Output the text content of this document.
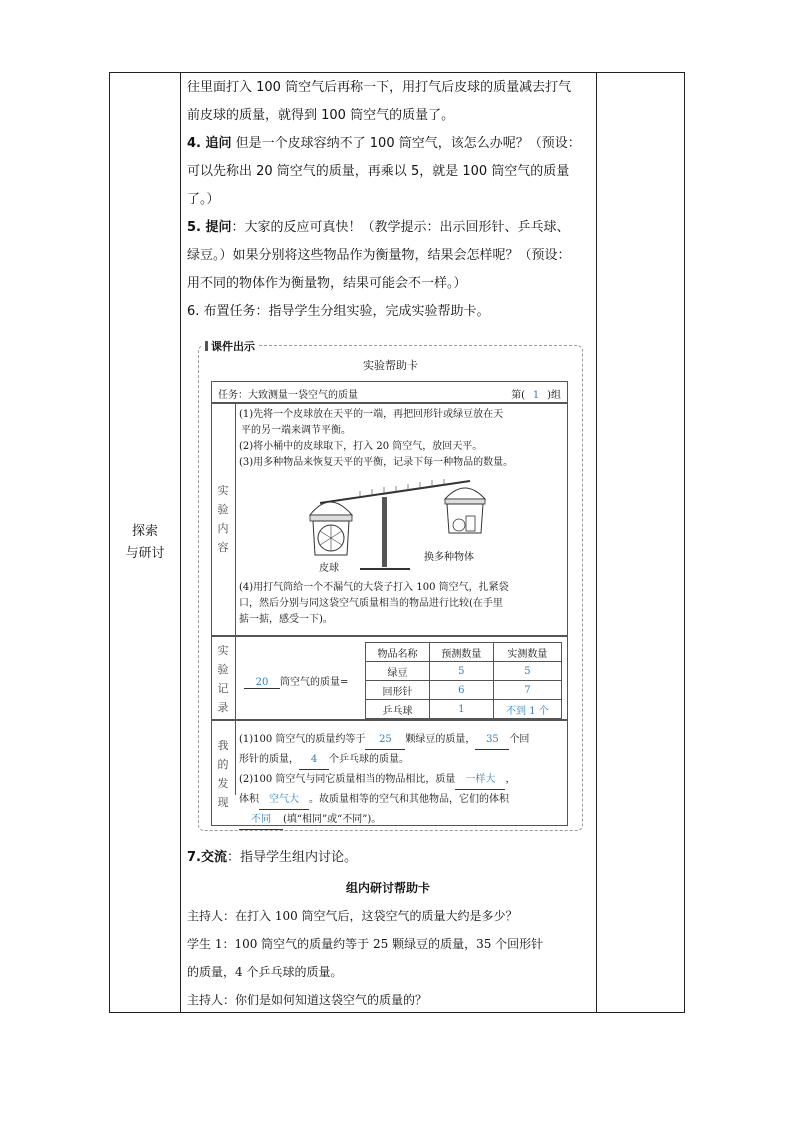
探索
与研讨

往里面打入 100 筒空气后再称一下，用打气后皮球的质量减去打气

前皮球的质量，就得到 100 筒空气的质量了。

4. 追问 但是一个皮球容纳不了 100 筒空气，该怎么办呢？（预设：

可以先称出 20 筒空气的质量，再乘以 5，就是 100 筒空气的质量

了。）

5. 提问：大家的反应可真快！（教学提示：出示回形针、乒乓球、

绿豆。）如果分别将这些物品作为衡量物，结果会怎样呢？（预设：

用不同的物体作为衡量物，结果可能会不一样。）

6. 布置任务：指导学生分组实验，完成实验帮助卡。

课件出示
实验帮助卡
任务：大致测量一袋空气的质量	第( 1 )组
实
验
内
容
(1)先将一个皮球放在天平的一端，再把回形针或绿豆放在天
平的另一端来调节平衡。
(2)将小桶中的皮球取下，打入 20 筒空气，放回天平。
(3)用多种物品来恢复天平的平衡，记录下每一种物品的数量。
皮球
换多种物体
(4)用打气筒给一个不漏气的大袋子打入 100 筒空气，扎紧袋
口，然后分别与同这袋空气质量相当的物品进行比较(在手里
掂一掂，感受一下)。
实
验
记
录
20 筒空气的质量=
物品名称	预测数量	实测数量
绿豆	5	5
回形针	6	7
乒乓球	1	不到 1 个
我
的
发
现
(1)100 筒空气的质量约等于 25 颗绿豆的质量， 35 个回
形针的质量， 4 个乒乓球的质量。
(2)100 筒空气与同它质量相当的物品相比，质量 一样大 ，
体积 空气大 。故质量相等的空气和其他物品，它们的体积
不同 (填“相同”或“不同”)。

7.交流：指导学生组内讨论。

组内研讨帮助卡
主持人：在打入 100 筒空气后，这袋空气的质量大约是多少？
学生 1：100 筒空气的质量约等于 25 颗绿豆的质量，35 个回形针
的质量，4 个乒乓球的质量。
主持人：你们是如何知道这袋空气的质量的？
